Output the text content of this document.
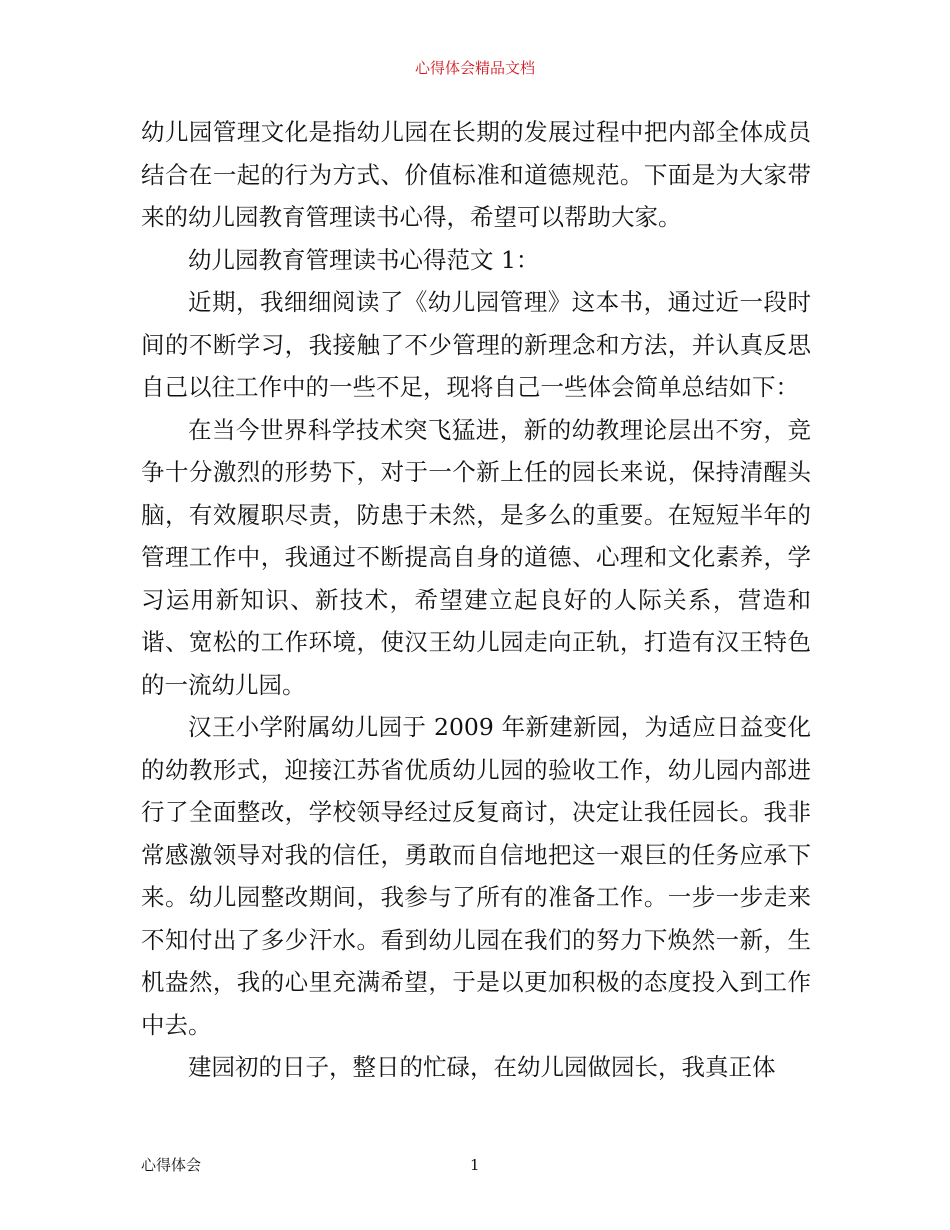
心得体会精品文档

幼儿园管理文化是指幼儿园在长期的发展过程中把内部全体成员结合在一起的行为方式、价值标准和道德规范。下面是为大家带来的幼儿园教育管理读书心得，希望可以帮助大家。

幼儿园教育管理读书心得范文 1：

近期，我细细阅读了《幼儿园管理》这本书，通过近一段时间的不断学习，我接触了不少管理的新理念和方法，并认真反思自己以往工作中的一些不足，现将自己一些体会简单总结如下：

在当今世界科学技术突飞猛进，新的幼教理论层出不穷，竞争十分激烈的形势下，对于一个新上任的园长来说，保持清醒头脑，有效履职尽责，防患于未然，是多么的重要。在短短半年的管理工作中，我通过不断提高自身的道德、心理和文化素养，学习运用新知识、新技术，希望建立起良好的人际关系，营造和谐、宽松的工作环境，使汉王幼儿园走向正轨，打造有汉王特色的一流幼儿园。

汉王小学附属幼儿园于 2009 年新建新园，为适应日益变化的幼教形式，迎接江苏省优质幼儿园的验收工作，幼儿园内部进行了全面整改，学校领导经过反复商讨，决定让我任园长。我非常感激领导对我的信任，勇敢而自信地把这一艰巨的任务应承下来。幼儿园整改期间，我参与了所有的准备工作。一步一步走来不知付出了多少汗水。看到幼儿园在我们的努力下焕然一新，生机盎然，我的心里充满希望，于是以更加积极的态度投入到工作中去。

建园初的日子，整日的忙碌，在幼儿园做园长，我真正体

心得体会	1
